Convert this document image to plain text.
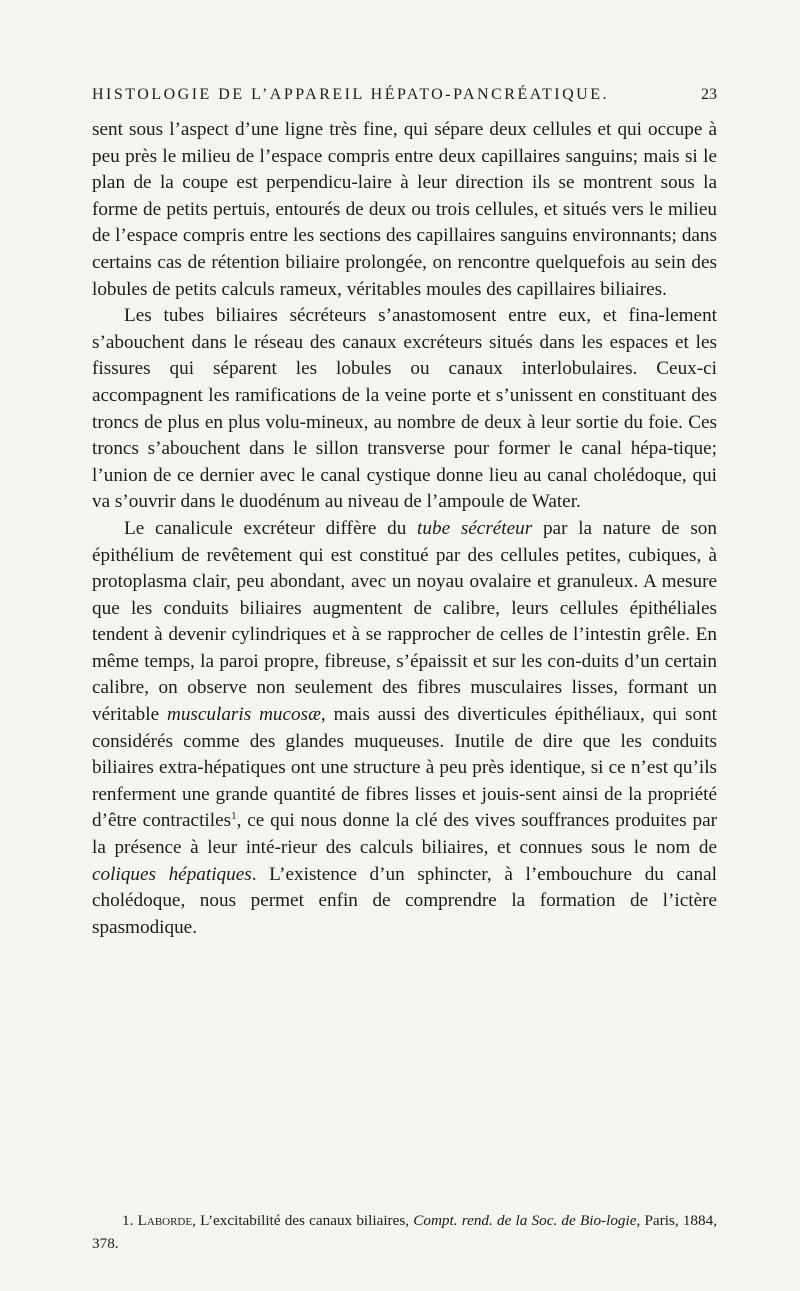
HISTOLOGIE DE L’APPAREIL HÉPATO-PANCRÉATIQUE.	23

sent sous l’aspect d’une ligne très fine, qui sépare deux cellules et qui occupe à peu près le milieu de l’espace compris entre deux capillaires sanguins; mais si le plan de la coupe est perpendicu-laire à leur direction ils se montrent sous la forme de petits pertuis, entourés de deux ou trois cellules, et situés vers le milieu de l’espace compris entre les sections des capillaires sanguins environnants; dans certains cas de rétention biliaire prolongée, on rencontre quelquefois au sein des lobules de petits calculs rameux, véritables moules des capillaires biliaires.

Les tubes biliaires sécréteurs s’anastomosent entre eux, et fina-lement s’abouchent dans le réseau des canaux excréteurs situés dans les espaces et les fissures qui séparent les lobules ou canaux interlobulaires. Ceux-ci accompagnent les ramifications de la veine porte et s’unissent en constituant des troncs de plus en plus volu-mineux, au nombre de deux à leur sortie du foie. Ces troncs s’abouchent dans le sillon transverse pour former le canal hépa-tique; l’union de ce dernier avec le canal cystique donne lieu au canal cholédoque, qui va s’ouvrir dans le duodénum au niveau de l’ampoule de Water.

Le canalicule excréteur diffère du tube sécréteur par la nature de son épithélium de revêtement qui est constitué par des cellules petites, cubiques, à protoplasma clair, peu abondant, avec un noyau ovalaire et granuleux. A mesure que les conduits biliaires augmentent de calibre, leurs cellules épithéliales tendent à devenir cylindriques et à se rapprocher de celles de l’intestin grêle. En même temps, la paroi propre, fibreuse, s’épaissit et sur les con-duits d’un certain calibre, on observe non seulement des fibres musculaires lisses, formant un véritable muscularis mucosæ, mais aussi des diverticules épithéliaux, qui sont considérés comme des glandes muqueuses. Inutile de dire que les conduits biliaires extra-hépatiques ont une structure à peu près identique, si ce n’est qu’ils renferment une grande quantité de fibres lisses et jouis-sent ainsi de la propriété d’être contractiles$^1$, ce qui nous donne la clé des vives souffrances produites par la présence à leur inté-rieur des calculs biliaires, et connues sous le nom de coliques hépatiques. L’existence d’un sphincter, à l’embouchure du canal cholédoque, nous permet enfin de comprendre la formation de l’ictère spasmodique.

1. Laborde, L’excitabilité des canaux biliaires, Compt. rend. de la Soc. de Bio-logie, Paris, 1884, 378.
